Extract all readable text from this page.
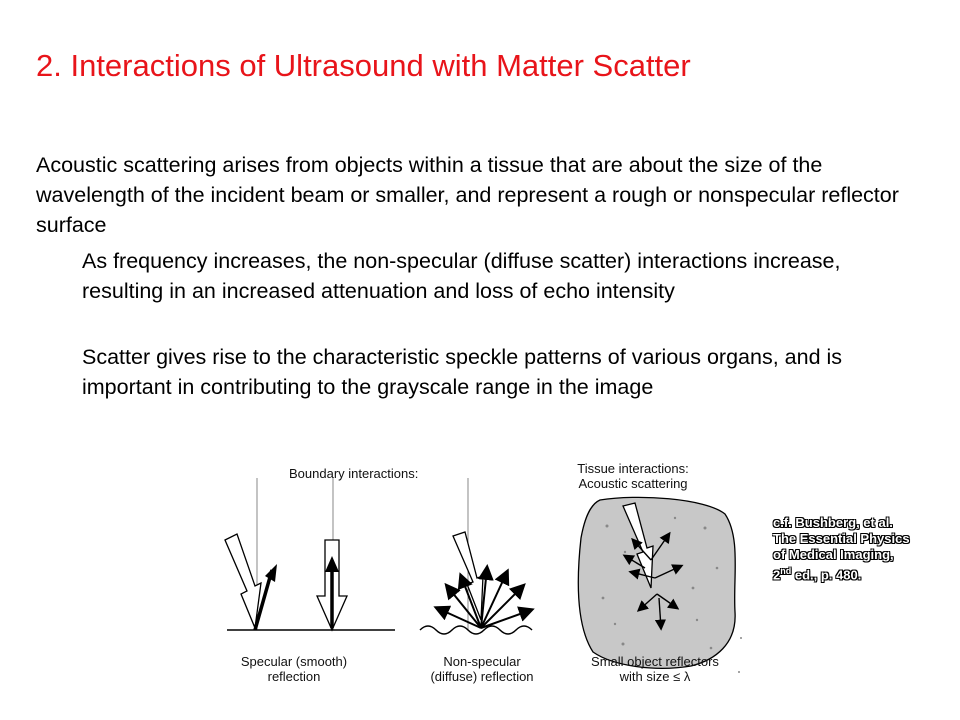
2. Interactions of Ultrasound with Matter Scatter
Acoustic scattering arises from objects within a tissue that are about the size of the wavelength of the incident beam or smaller, and represent a rough or nonspecular reflector surface
As frequency increases, the non-specular (diffuse scatter) interactions increase, resulting in an increased attenuation and loss of echo intensity
Scatter gives rise to the characteristic speckle patterns of various organs, and is important in contributing to the grayscale range in the image
Boundary interactions:	Tissue interactions:
Acoustic scattering
Specular (smooth)
reflection
Non-specular
(diffuse) reflection
Small object reflectors
with size ≤ λ
c.f. Bushberg, et al.
The Essential Physics
of Medical Imaging,
2nd ed., p. 480.
